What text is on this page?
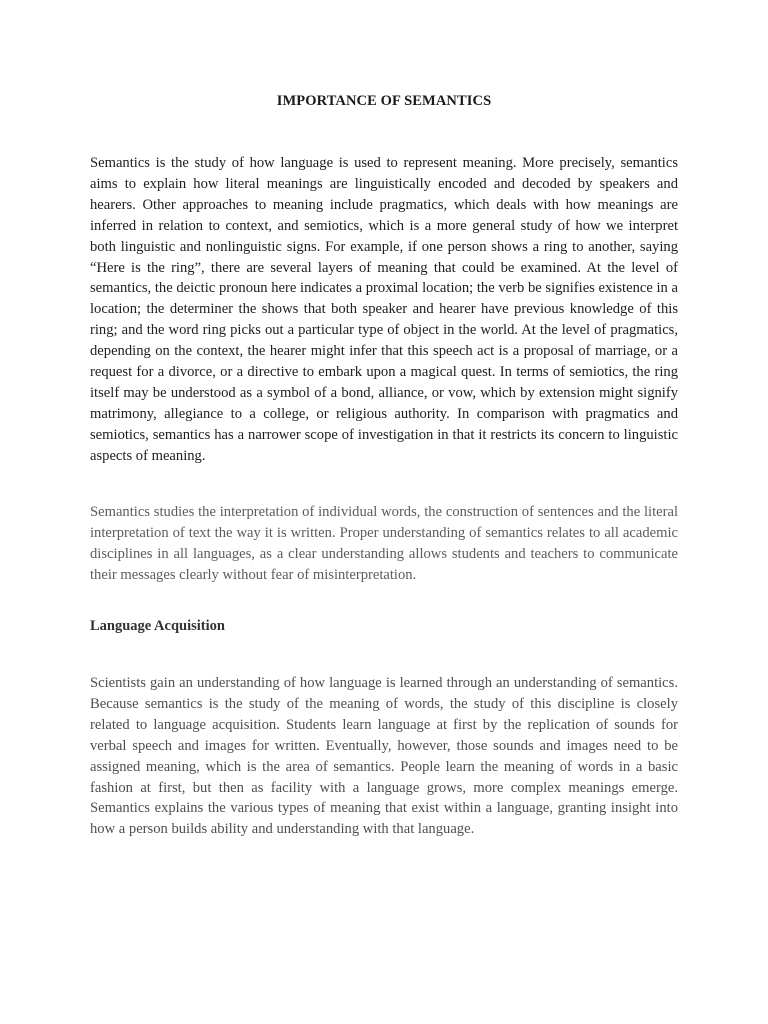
IMPORTANCE OF SEMANTICS

Semantics is the study of how language is used to represent meaning. More precisely, semantics aims to explain how literal meanings are linguistically encoded and decoded by speakers and hearers. Other approaches to meaning include pragmatics, which deals with how meanings are inferred in relation to context, and semiotics, which is a more general study of how we interpret both linguistic and nonlinguistic signs. For example, if one person shows a ring to another, saying “Here is the ring”, there are several layers of meaning that could be examined. At the level of semantics, the deictic pronoun here indicates a proximal location; the verb be signifies existence in a location; the determiner the shows that both speaker and hearer have previous knowledge of this ring; and the word ring picks out a particular type of object in the world. At the level of pragmatics, depending on the context, the hearer might infer that this speech act is a proposal of marriage, or a request for a divorce, or a directive to embark upon a magical quest. In terms of semiotics, the ring itself may be understood as a symbol of a bond, alliance, or vow, which by extension might signify matrimony, allegiance to a college, or religious authority. In comparison with pragmatics and semiotics, semantics has a narrower scope of investigation in that it restricts its concern to linguistic aspects of meaning.

Semantics studies the interpretation of individual words, the construction of sentences and the literal interpretation of text the way it is written. Proper understanding of semantics relates to all academic disciplines in all languages, as a clear understanding allows students and teachers to communicate their messages clearly without fear of misinterpretation.

Language Acquisition

Scientists gain an understanding of how language is learned through an understanding of semantics. Because semantics is the study of the meaning of words, the study of this discipline is closely related to language acquisition. Students learn language at first by the replication of sounds for verbal speech and images for written. Eventually, however, those sounds and images need to be assigned meaning, which is the area of semantics. People learn the meaning of words in a basic fashion at first, but then as facility with a language grows, more complex meanings emerge. Semantics explains the various types of meaning that exist within a language, granting insight into how a person builds ability and understanding with that language.
